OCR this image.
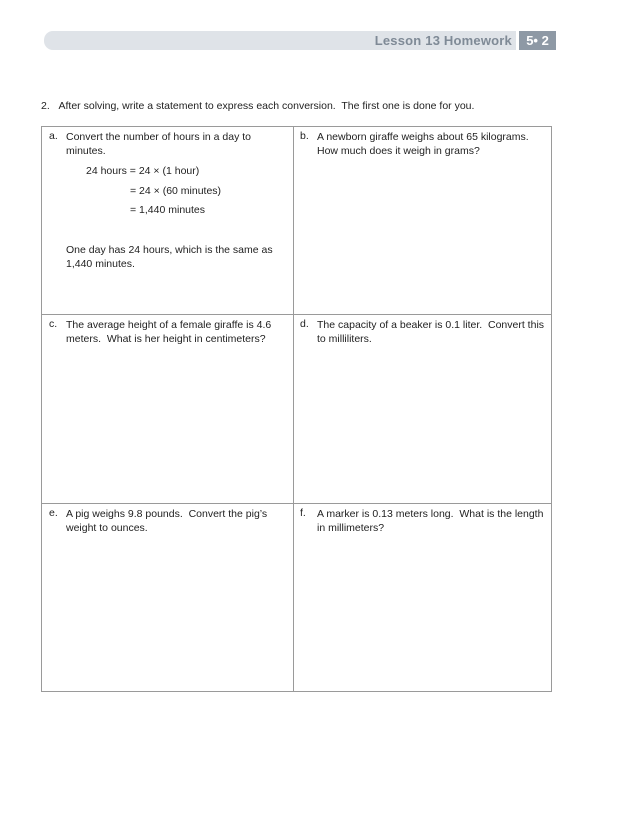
Lesson 13 Homework	5• 2
2.   After solving, write a statement to express each conversion.  The first one is done for you.
a. Convert the number of hours in a day to
minutes.
24 hours = 24 × (1 hour)
= 24 × (60 minutes)
= 1,440 minutes
One day has 24 hours, which is the same as
1,440 minutes.
b. A newborn giraffe weighs about 65 kilograms.
How much does it weigh in grams?
c. The average height of a female giraffe is 4.6
meters.  What is her height in centimeters?
d. The capacity of a beaker is 0.1 liter.  Convert this
to milliliters.
e. A pig weighs 9.8 pounds.  Convert the pig’s
weight to ounces.
f. A marker is 0.13 meters long.  What is the length
in millimeters?
